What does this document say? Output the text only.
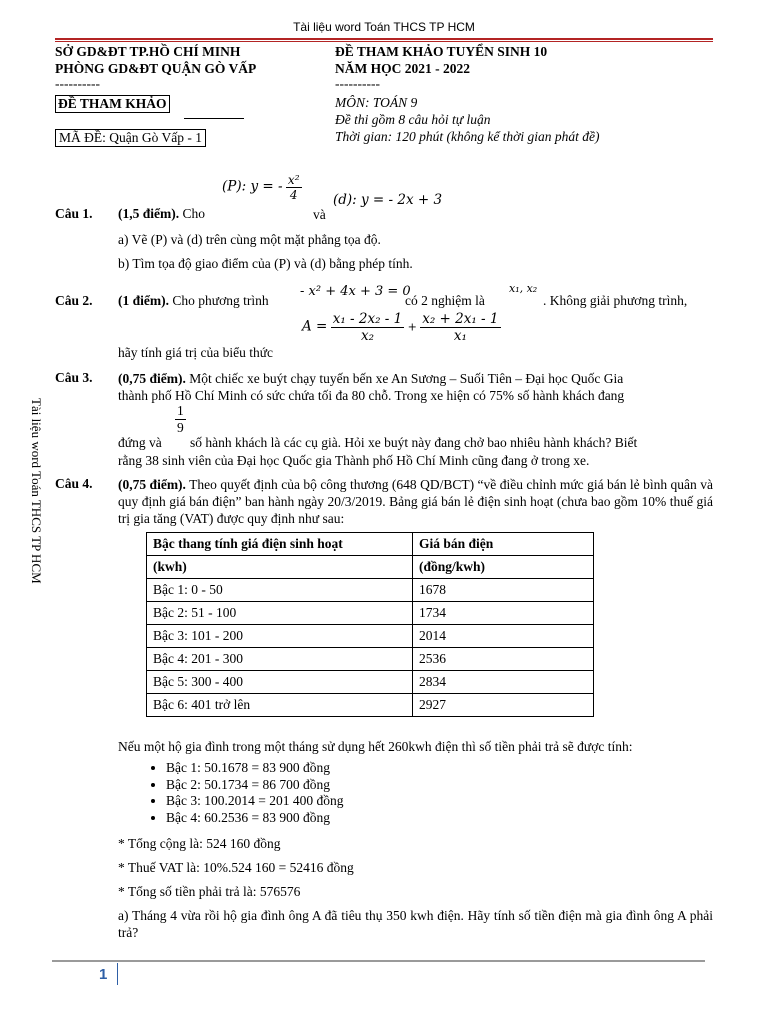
Tài liệu word Toán THCS TP HCM
Tài liệu word Toán THCS TP HCM
SỞ GD&ĐT TP.HỒ CHÍ MINH
PHÒNG GD&ĐT QUẬN GÒ VẤP
----------
ĐỀ THAM KHẢO
MÃ ĐỀ: Quận Gò Vấp - 1
ĐỀ THAM KHẢO TUYỂN SINH 10
NĂM HỌC 2021 - 2022
----------
MÔN: TOÁN 9
Đề thi gồm 8 câu hỏi tự luận
Thời gian: 120 phút (không kể thời gian phát đề)
(P): y = - $\frac{\text{x²}}{4} (d)$: y = - 2x + 3
Câu 1. (1,5 điểm). Cho	và
a) Vẽ (P) và (d) trên cùng một mặt phẳng tọa độ.
b) Tìm tọa độ giao điểm của (P) và (d) bằng phép tính.
Câu 2. (1 điểm). Cho phương trình
- x² + 4x + 3 = 0
có 2 nghiệm là
x₁, x₂
. Không giải phương trình,
$A = \frac{\text{x₁ - 2x₂ - 1}}{\text{x₂}} + \frac{\text{x₂ + 2x₁ - 1}}{\text{x₁}}$
hãy tính giá trị của biểu thức
Câu 3. (0,75 điểm). Một chiếc xe buýt chạy tuyến bến xe An Sương – Suối Tiên – Đại học Quốc Gia
thành phố Hồ Chí Minh có sức chứa tối đa 80 chỗ. Trong xe hiện có 75% số hành khách đang
$\frac{1}{9}$
đứng và số hành khách là các cụ già. Hỏi xe buýt này đang chở bao nhiêu hành khách? Biết
rằng 38 sinh viên của Đại học Quốc gia Thành phố Hồ Chí Minh cũng đang ở trong xe.
Câu 4. (0,75 điểm). Theo quyết định của bộ công thương (648 QD/BCT) “về điều chỉnh mức giá bán lẻ bình quân và quy định giá bán điện” ban hành ngày 20/3/2019. Bảng giá bán lẻ điện sinh hoạt (chưa bao gồm 10% thuế giá trị gia tăng (VAT) được quy định như sau:
Bậc thang tính giá điện sinh hoạt	Giá bán điện
(kwh)	(đồng/kwh)
Bậc 1: 0 - 50	1678
Bậc 2: 51 - 100	1734
Bậc 3: 101 - 200	2014
Bậc 4: 201 - 300	2536
Bậc 5: 300 - 400	2834
Bậc 6: 401 trở lên	2927
Nếu một hộ gia đình trong một tháng sử dụng hết 260kwh điện thì số tiền phải trả sẽ được tính:
• Bậc 1: 50.1678 = 83 900 đồng
• Bậc 2: 50.1734 = 86 700 đồng
• Bậc 3: 100.2014 = 201 400 đồng
• Bậc 4: 60.2536 = 83 900 đồng
* Tổng cộng là: 524 160 đồng
* Thuế VAT là: 10%.524 160 = 52416 đồng
* Tổng số tiền phải trả là: 576576
a) Tháng 4 vừa rồi hộ gia đình ông A đã tiêu thụ 350 kwh điện. Hãy tính số tiền điện mà gia đình ông A phải trả?
1
